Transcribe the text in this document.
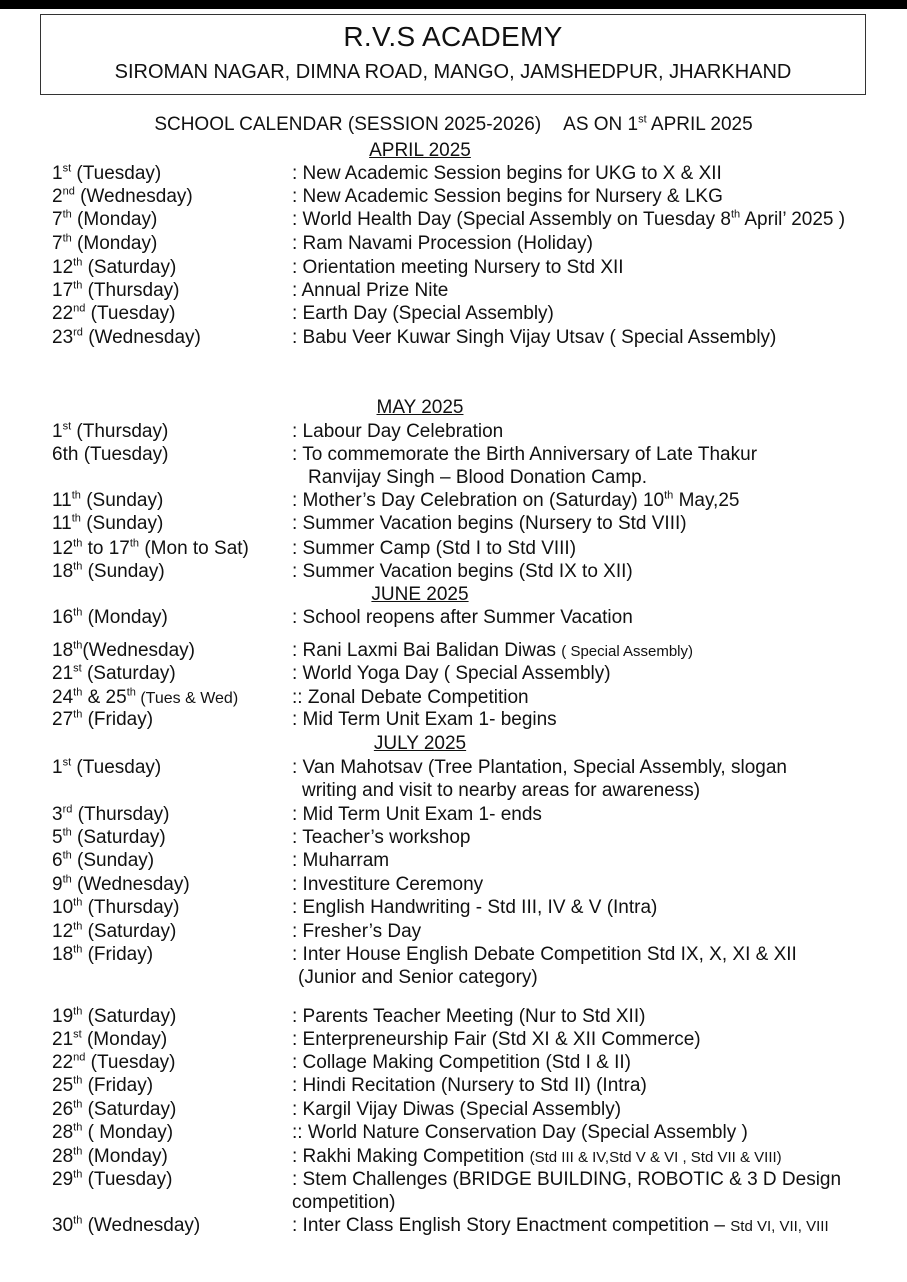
R.V.S ACADEMY
SIROMAN NAGAR, DIMNA ROAD, MANGO, JAMSHEDPUR, JHARKHAND
SCHOOL CALENDAR (SESSION 2025-2026) AS ON 1st APRIL 2025
APRIL 2025
1st (Tuesday)	: New Academic Session begins for UKG to X & XII
2nd (Wednesday)	: New Academic Session begins for Nursery & LKG
7th (Monday)	: World Health Day (Special Assembly on Tuesday 8th April’ 2025 )
7th (Monday)	: Ram Navami Procession (Holiday)
12th (Saturday)	: Orientation meeting Nursery to Std XII
17th (Thursday)	: Annual Prize Nite
22nd (Tuesday)	: Earth Day (Special Assembly)
23rd (Wednesday)	: Babu Veer Kuwar Singh Vijay Utsav ( Special Assembly)
MAY 2025
1st (Thursday)	: Labour Day Celebration
6th (Tuesday)	: To commemorate the Birth Anniversary of Late Thakur
Ranvijay Singh – Blood Donation Camp.
11th (Sunday)	: Mother’s Day Celebration on (Saturday) 10th May,25
11th (Sunday)	: Summer Vacation begins (Nursery to Std VIII)
12th to 17th (Mon to Sat) : Summer Camp (Std I to Std VIII)
18th (Sunday)	: Summer Vacation begins (Std IX to XII)
JUNE 2025
16th (Monday)	: School reopens after Summer Vacation
18th(Wednesday)	: Rani Laxmi Bai Balidan Diwas ( Special Assembly)
21st (Saturday)	: World Yoga Day ( Special Assembly)
24th & 25th (Tues & Wed)	:: Zonal Debate Competition
27th (Friday)	: Mid Term Unit Exam 1- begins
JULY 2025
1st (Tuesday)	: Van Mahotsav (Tree Plantation, Special Assembly, slogan
writing and visit to nearby areas for awareness)
3rd (Thursday)	: Mid Term Unit Exam 1- ends
5th (Saturday)	: Teacher’s workshop
6th (Sunday)	: Muharram
9th (Wednesday)	: Investiture Ceremony
10th (Thursday)	: English Handwriting - Std III, IV & V (Intra)
12th (Saturday)	: Fresher’s Day
18th (Friday)	: Inter House English Debate Competition Std IX, X, XI & XII
(Junior and Senior category)
19th (Saturday)	: Parents Teacher Meeting (Nur to Std XII)
21st (Monday)	: Enterpreneurship Fair (Std XI & XII Commerce)
22nd (Tuesday)	: Collage Making Competition (Std I & II)
25th (Friday)	: Hindi Recitation (Nursery to Std II) (Intra)
26th (Saturday)	: Kargil Vijay Diwas (Special Assembly)
28th ( Monday)	:: World Nature Conservation Day (Special Assembly )
28th (Monday)	: Rakhi Making Competition (Std III & IV,Std V & VI , Std VII & VIII)
29th (Tuesday)	: Stem Challenges (BRIDGE BUILDING, ROBOTIC & 3 D Design
competition)
30th (Wednesday)	: Inter Class English Story Enactment competition – Std VI, VII, VIII
